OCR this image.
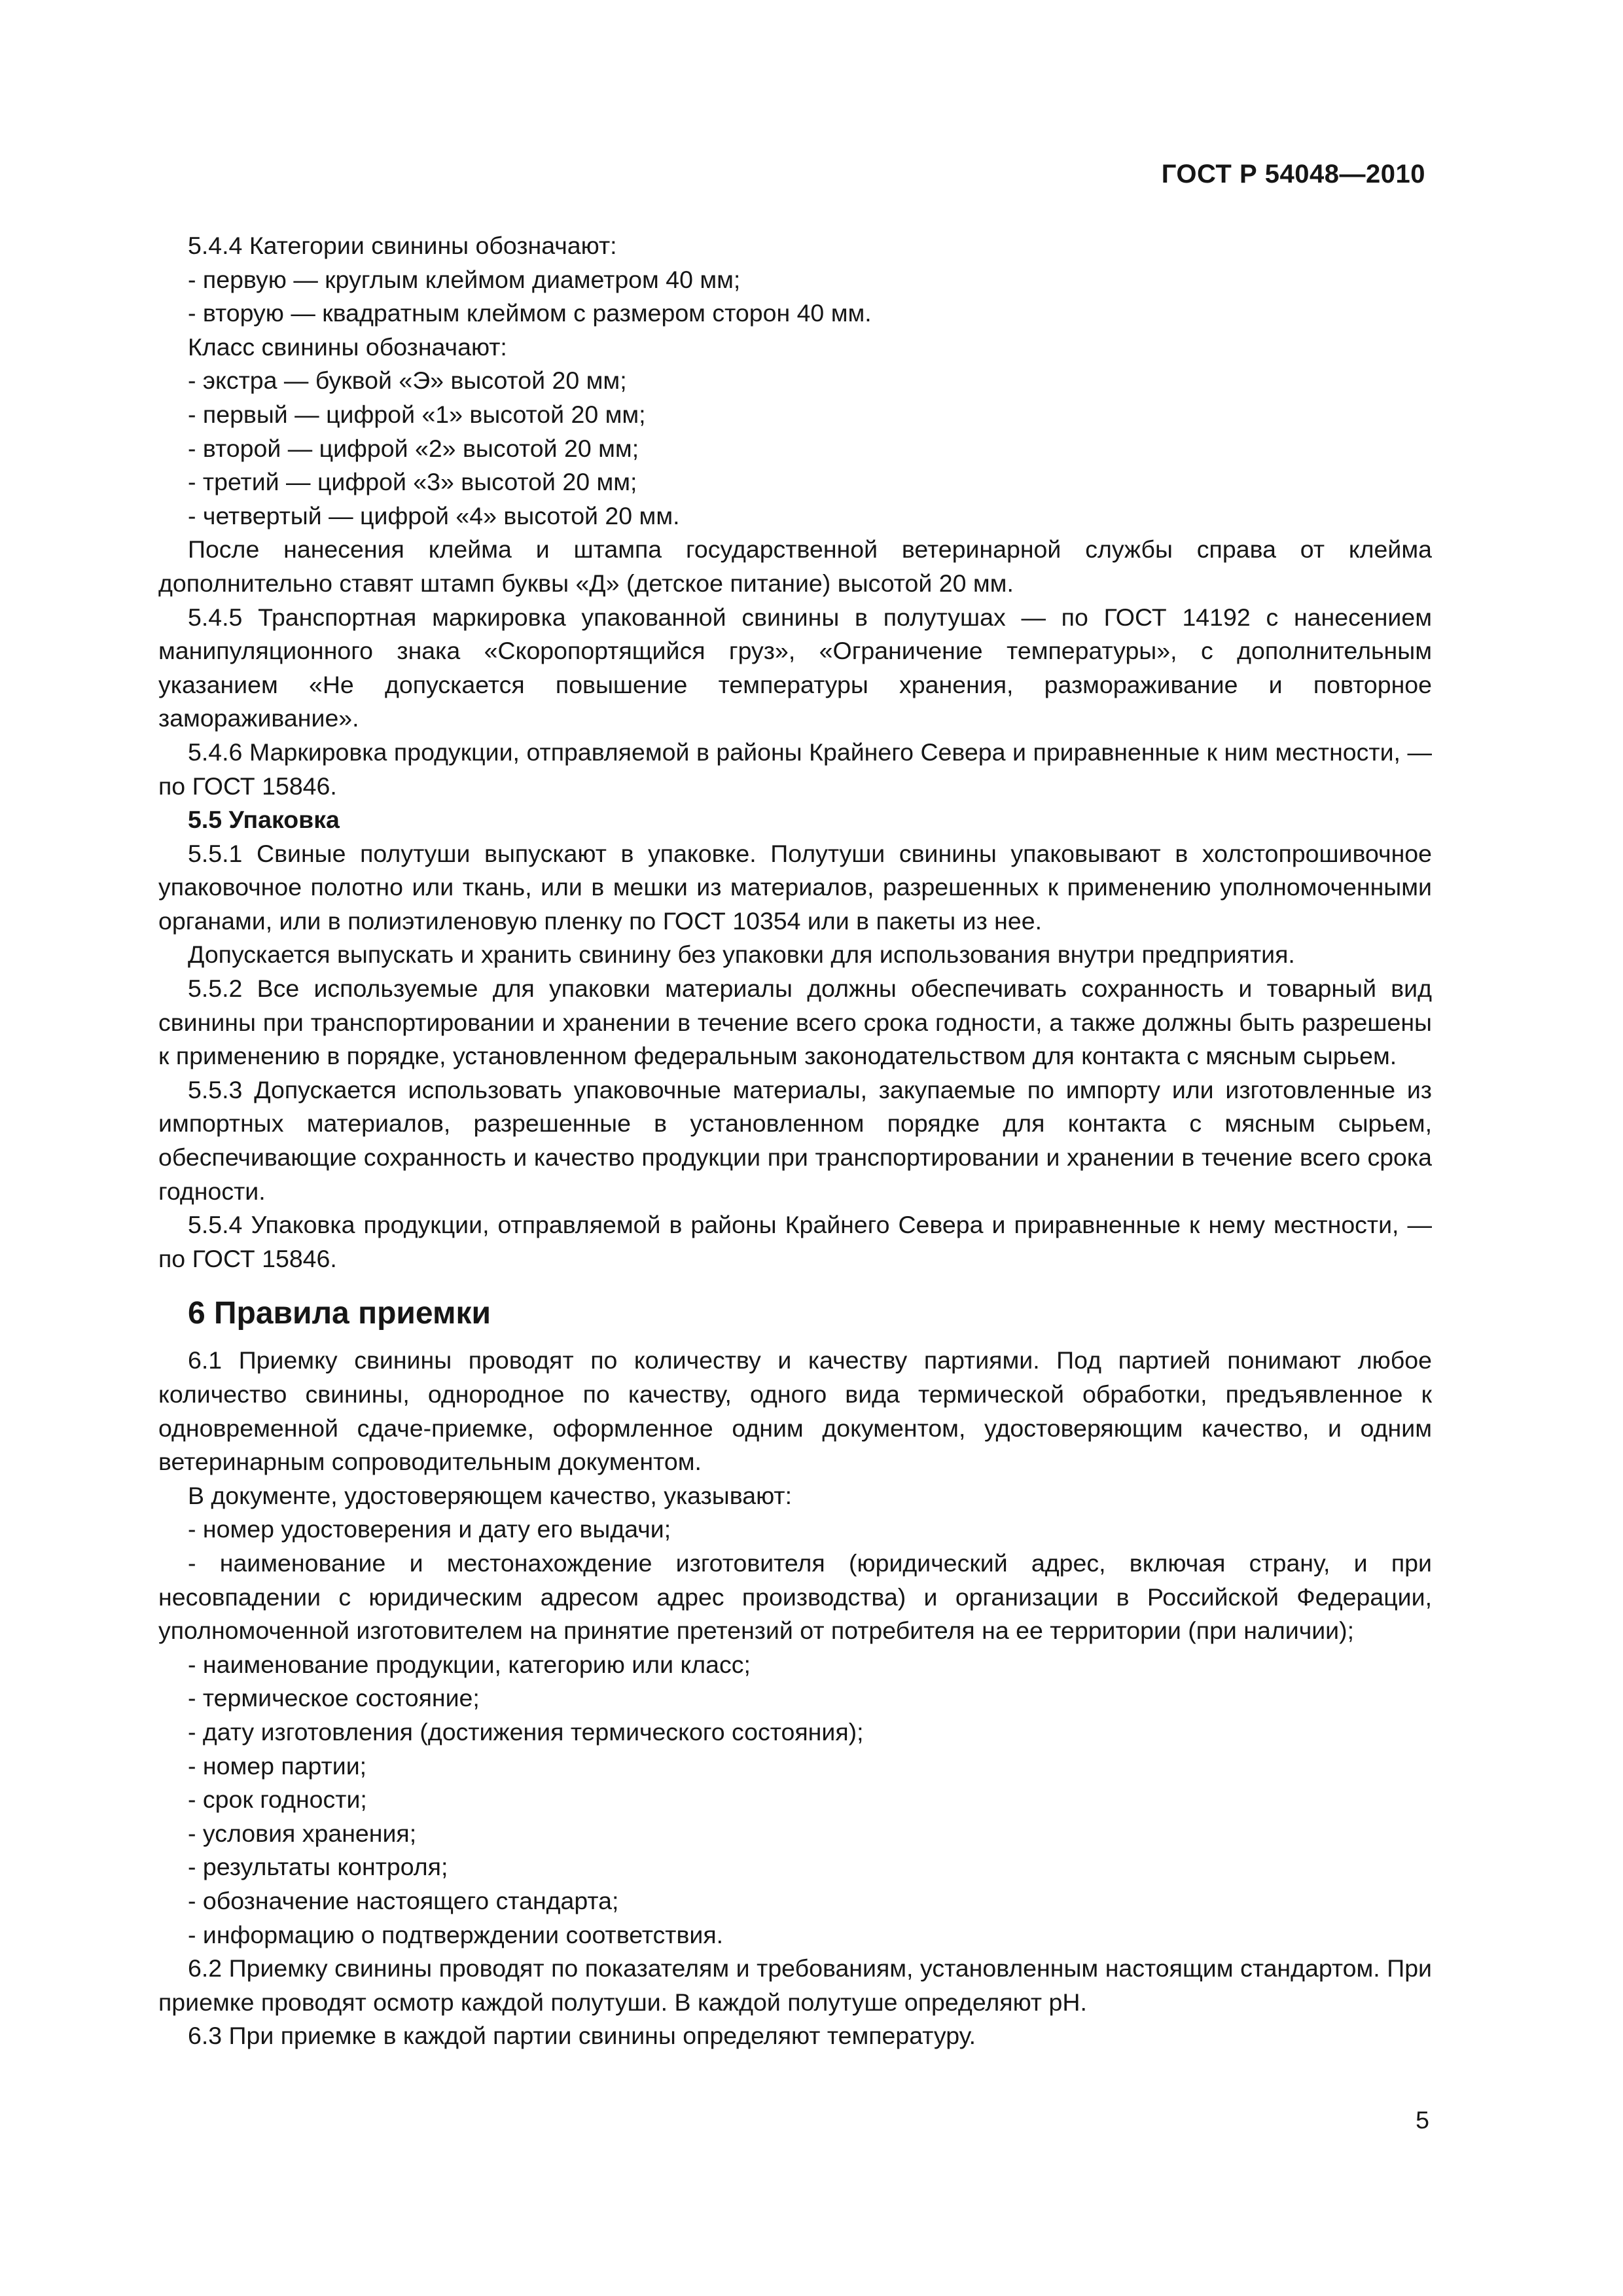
ГОСТ Р 54048—2010

5.4.4 Категории свинины обозначают:

- первую — круглым клеймом диаметром 40 мм;

- вторую — квадратным клеймом с размером сторон 40 мм.

Класс свинины обозначают:

- экстра — буквой «Э» высотой 20 мм;

- первый — цифрой «1» высотой 20 мм;

- второй — цифрой «2» высотой 20 мм;

- третий — цифрой «3» высотой 20 мм;

- четвертый — цифрой «4» высотой 20 мм.

После нанесения клейма и штампа государственной ветеринарной службы справа от клейма дополнительно ставят штамп буквы «Д» (детское питание) высотой 20 мм.

5.4.5 Транспортная маркировка упакованной свинины в полутушах — по ГОСТ 14192 с нанесением манипуляционного знака «Скоропортящийся груз», «Ограничение температуры», с дополнительным указанием «Не допускается повышение температуры хранения, размораживание и повторное замораживание».

5.4.6 Маркировка продукции, отправляемой в районы Крайнего Севера и приравненные к ним местности, — по ГОСТ 15846.

5.5 Упаковка

5.5.1 Свиные полутуши выпускают в упаковке. Полутуши свинины упаковывают в холстопрошивочное упаковочное полотно или ткань, или в мешки из материалов, разрешенных к применению уполномоченными органами, или в полиэтиленовую пленку по ГОСТ 10354 или в пакеты из нее.

Допускается выпускать и хранить свинину без упаковки для использования внутри предприятия.

5.5.2 Все используемые для упаковки материалы должны обеспечивать сохранность и товарный вид свинины при транспортировании и хранении в течение всего срока годности, а также должны быть разрешены к применению в порядке, установленном федеральным законодательством для контакта с мясным сырьем.

5.5.3 Допускается использовать упаковочные материалы, закупаемые по импорту или изготовленные из импортных материалов, разрешенные в установленном порядке для контакта с мясным сырьем, обеспечивающие сохранность и качество продукции при транспортировании и хранении в течение всего срока годности.

5.5.4 Упаковка продукции, отправляемой в районы Крайнего Севера и приравненные к нему местности, — по ГОСТ 15846.

6 Правила приемки

6.1 Приемку свинины проводят по количеству и качеству партиями. Под партией понимают любое количество свинины, однородное по качеству, одного вида термической обработки, предъявленное к одновременной сдаче-приемке, оформленное одним документом, удостоверяющим качество, и одним ветеринарным сопроводительным документом.

В документе, удостоверяющем качество, указывают:

- номер удостоверения и дату его выдачи;

- наименование и местонахождение изготовителя (юридический адрес, включая страну, и при несовпадении с юридическим адресом адрес производства) и организации в Российской Федерации, уполномоченной изготовителем на принятие претензий от потребителя на ее территории (при наличии);

- наименование продукции, категорию или класс;

- термическое состояние;

- дату изготовления (достижения термического состояния);

- номер партии;

- срок годности;

- условия хранения;

- результаты контроля;

- обозначение настоящего стандарта;

- информацию о подтверждении соответствия.

6.2 Приемку свинины проводят по показателям и требованиям, установленным настоящим стандартом. При приемке проводят осмотр каждой полутуши. В каждой полутуше определяют pH.

6.3 При приемке в каждой партии свинины определяют температуру.

5
